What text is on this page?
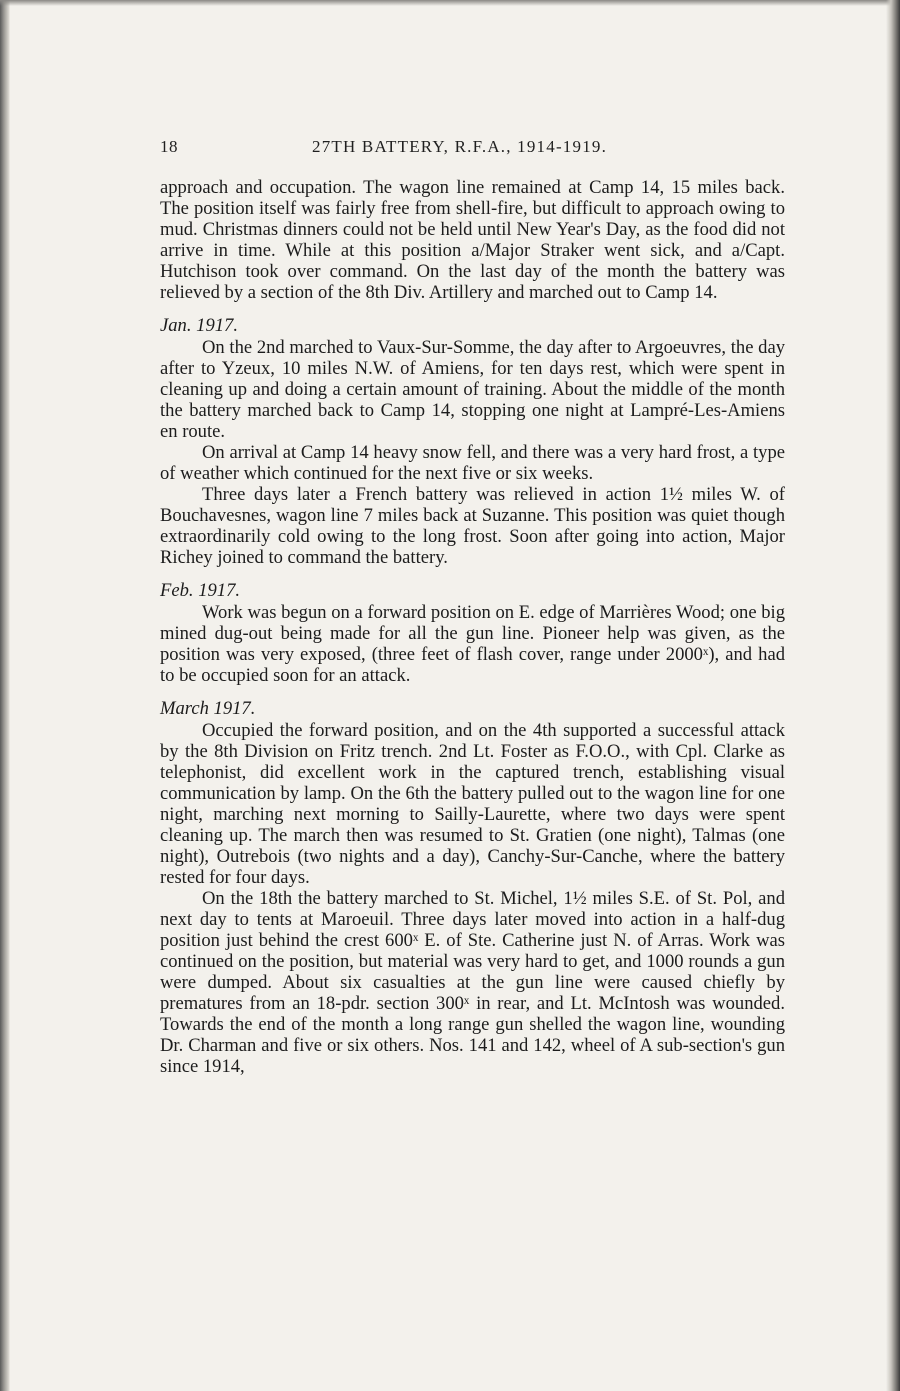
18	27TH BATTERY, R.F.A., 1914-1919.

approach and occupation. The wagon line remained at Camp 14, 15 miles back. The position itself was fairly free from shell-fire, but difficult to approach owing to mud. Christmas dinners could not be held until New Year's Day, as the food did not arrive in time. While at this position a/Major Straker went sick, and a/Capt. Hutchison took over command. On the last day of the month the battery was relieved by a section of the 8th Div. Artillery and marched out to Camp 14.

Jan. 1917.

On the 2nd marched to Vaux-Sur-Somme, the day after to Argoeuvres, the day after to Yzeux, 10 miles N.W. of Amiens, for ten days rest, which were spent in cleaning up and doing a certain amount of training. About the middle of the month the battery marched back to Camp 14, stopping one night at Lampré-Les-Amiens en route.

On arrival at Camp 14 heavy snow fell, and there was a very hard frost, a type of weather which continued for the next five or six weeks.

Three days later a French battery was relieved in action 1½ miles W. of Bouchavesnes, wagon line 7 miles back at Suzanne. This position was quiet though extraordinarily cold owing to the long frost. Soon after going into action, Major Richey joined to command the battery.

Feb. 1917.

Work was begun on a forward position on E. edge of Marrières Wood; one big mined dug-out being made for all the gun line. Pioneer help was given, as the position was very exposed, (three feet of flash cover, range under 2000ˣ), and had to be occupied soon for an attack.

March 1917.

Occupied the forward position, and on the 4th supported a successful attack by the 8th Division on Fritz trench. 2nd Lt. Foster as F.O.O., with Cpl. Clarke as telephonist, did excellent work in the captured trench, establishing visual communication by lamp. On the 6th the battery pulled out to the wagon line for one night, marching next morning to Sailly-Laurette, where two days were spent cleaning up. The march then was resumed to St. Gratien (one night), Talmas (one night), Outrebois (two nights and a day), Canchy-Sur-Canche, where the battery rested for four days.

On the 18th the battery marched to St. Michel, 1½ miles S.E. of St. Pol, and next day to tents at Maroeuil. Three days later moved into action in a half-dug position just behind the crest 600ˣ E. of Ste. Catherine just N. of Arras. Work was continued on the position, but material was very hard to get, and 1000 rounds a gun were dumped. About six casualties at the gun line were caused chiefly by prematures from an 18-pdr. section 300ˣ in rear, and Lt. McIntosh was wounded. Towards the end of the month a long range gun shelled the wagon line, wounding Dr. Charman and five or six others. Nos. 141 and 142, wheel of A sub-section's gun since 1914,
